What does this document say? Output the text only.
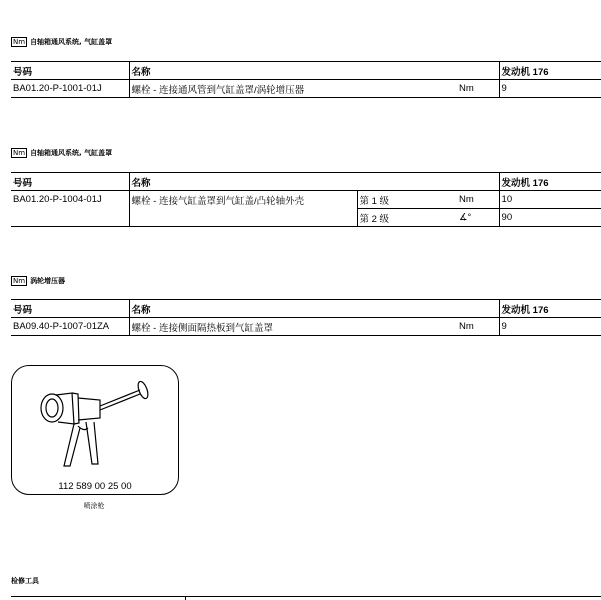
Nm 自轴箱通风系统, 气缸盖罩
号码	名称			发动机 176
BA01.20-P-1001-01J	螺栓 - 连接通风管到气缸盖罩/涡轮增压器		Nm	9
Nm 自轴箱通风系统, 气缸盖罩
号码	名称			发动机 176
BA01.20-P-1004-01J	螺栓 - 连接气缸盖罩到气缸盖/凸轮轴外壳	第 1 级	Nm	10
		第 2 级	∡°	90
Nm 涡轮增压器
号码	名称			发动机 176
BA09.40-P-1007-01ZA	螺栓 - 连接侧面隔热板到气缸盖罩		Nm	9
112 589 00 25 00
喷涂枪
检修工具
